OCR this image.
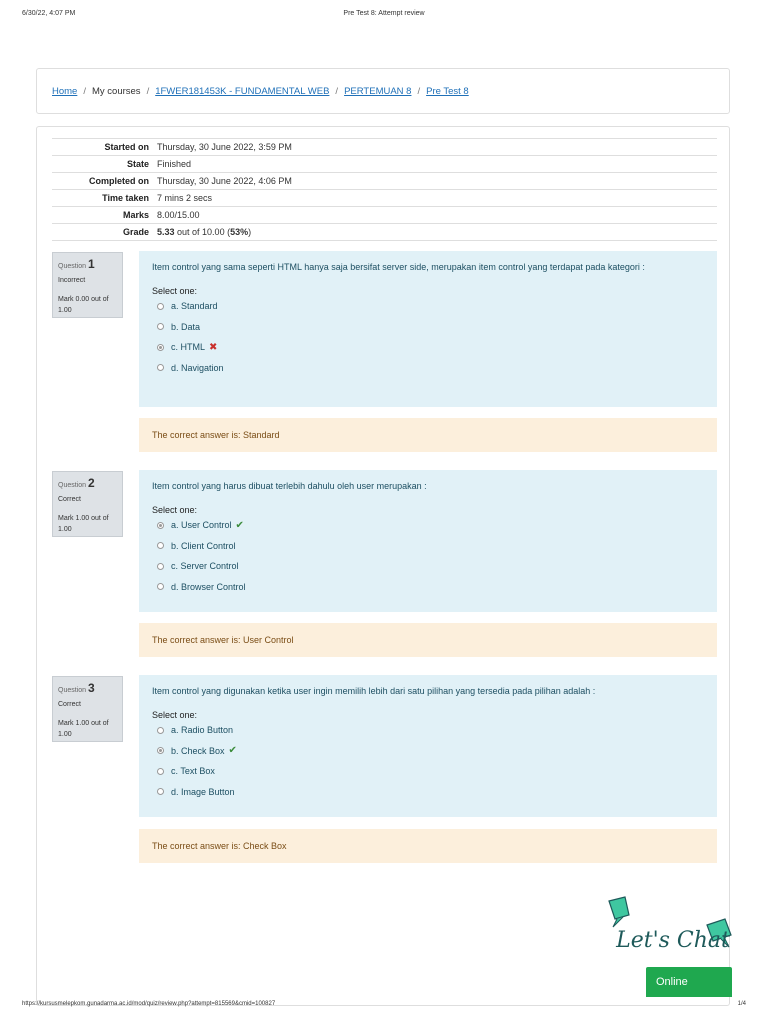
6/30/22, 4:07 PM	Pre Test 8: Attempt review
Home / My courses / 1FWER181453K - FUNDAMENTAL WEB / PERTEMUAN 8 / Pre Test 8
Started on	Thursday, 30 June 2022, 3:59 PM
State	Finished
Completed on	Thursday, 30 June 2022, 4:06 PM
Time taken	7 mins 2 secs
Marks	8.00/15.00
Grade	5.33 out of 10.00 (53%)
Question 1
Incorrect
Mark 0.00 out of 1.00
Item control yang sama seperti HTML hanya saja bersifat server side, merupakan item control yang terdapat pada kategori :
Select one:
a. Standard
b. Data
c. HTML ✖
d. Navigation
The correct answer is: Standard
Question 2
Correct
Mark 1.00 out of 1.00
Item control yang harus dibuat terlebih dahulu oleh user merupakan :
Select one:
a. User Control ✔
b. Client Control
c. Server Control
d. Browser Control
The correct answer is: User Control
Question 3
Correct
Mark 1.00 out of 1.00
Item control yang digunakan ketika user ingin memilih lebih dari satu pilihan yang tersedia pada pilihan adalah :
Select one:
a. Radio Button
b. Check Box ✔
c. Text Box
d. Image Button
The correct answer is: Check Box
Let's Chat
Online
https://kursusmelepkom.gunadarma.ac.id/mod/quiz/review.php?attempt=815569&cmid=100827	1/4
